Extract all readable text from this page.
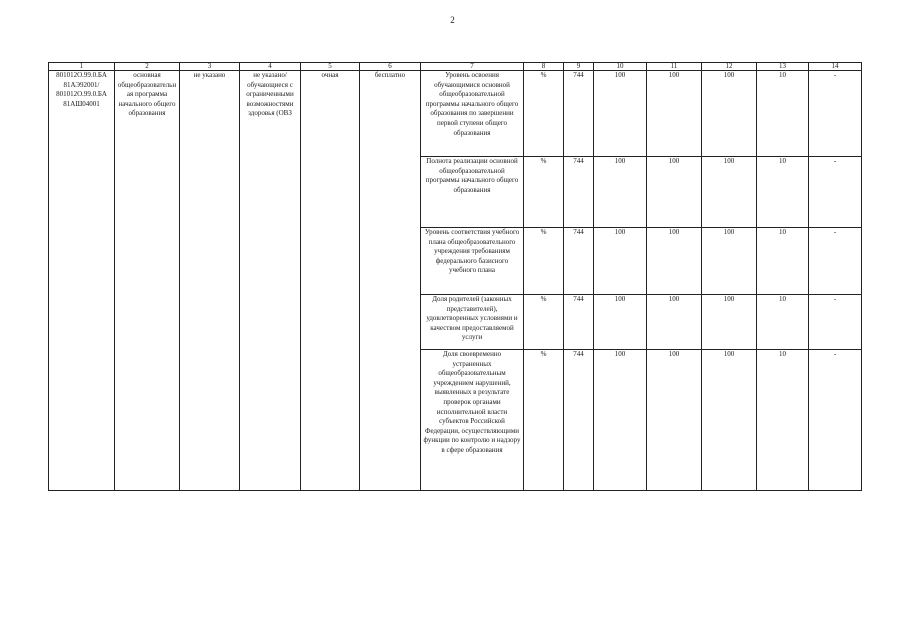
2
1	2	3	4	5	6	7	8	9	10	11	12	13	14
801012О.99.0.БА 81АЭ92001/ 801012О.99.0.БА 81АШ04001	основная общеобразовательная программа начального общего образования	не указано	не указано/ обучающиеся с ограниченными возможностями здоровья (ОВЗ	очная	бесплатно	Уровень освоения обучающимися основной общеобразовательной программы начального общего образования по завершении первой ступени общего образования	%	744	100	100	100	10	-
						Полнота реализации основной общеобразовательной программы начального общего образования	%	744	100	100	100	10	-
						Уровень соответствия учебного плана общеобразовательного учреждения требованиям федерального базисного учебного плана	%	744	100	100	100	10	-
						Доля родителей (законных представителей), удовлетворенных условиями и качеством предоставляемой услуги	%	744	100	100	100	10	-
						Доля своевременно устраненных общеобразовательным учреждением нарушений, выявленных в результате проверок органами исполнительной власти субъектов Российской Федерации, осуществляющими функции по контролю и надзору в сфере образования	%	744	100	100	100	10	-
